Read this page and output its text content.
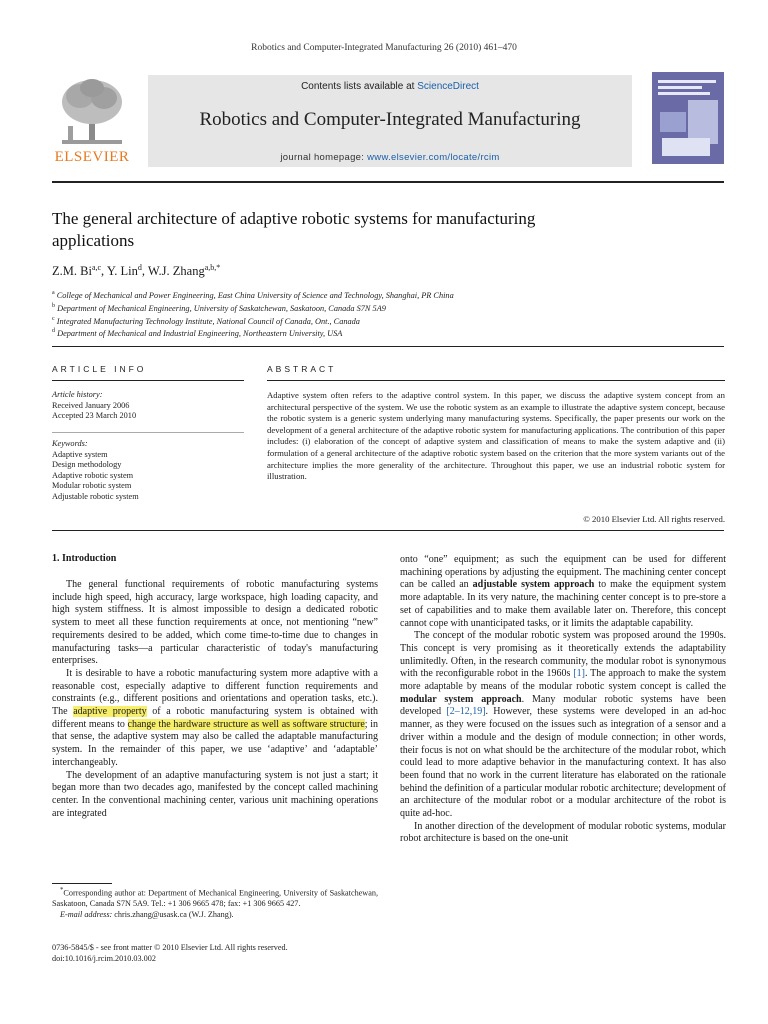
Robotics and Computer-Integrated Manufacturing 26 (2010) 461–470
ELSEVIER
Contents lists available at ScienceDirect
Robotics and Computer-Integrated Manufacturing
journal homepage: www.elsevier.com/locate/rcim
The general architecture of adaptive robotic systems for manufacturing applications
Z.M. Bi$^{a,c}$, Y. Lin$^d$, W.J. Zhang$^{a,b,*}$
$^a$ College of Mechanical and Power Engineering, East China University of Science and Technology, Shanghai, PR China
$^b$ Department of Mechanical Engineering, University of Saskatchewan, Saskatoon, Canada S7N 5A9
$^c$ Integrated Manufacturing Technology Institute, National Council of Canada, Ont., Canada
$^d$ Department of Mechanical and Industrial Engineering, Northeastern University, USA
ARTICLE INFO
Article history:
Received January 2006
Accepted 23 March 2010
Keywords:
Adaptive system
Design methodology
Adaptive robotic system
Modular robotic system
Adjustable robotic system
ABSTRACT
Adaptive system often refers to the adaptive control system. In this paper, we discuss the adaptive system concept from an architectural perspective of the system. We use the robotic system as an example to illustrate the adaptive system concept, because the robotic system is a generic system underlying many manufacturing systems. Specifically, the paper presents our work on the development of a general architecture of the adaptive robotic system for manufacturing applications. The contribution of this paper includes: (i) elaboration of the concept of adaptive system and classification of means to make the system adaptive and (ii) formulation of a general architecture of the adaptive robotic system based on the criterion that the more system variants out of the architecture implies the more generality of the architecture. Throughout this paper, we use an industrial robotic system for illustration.
© 2010 Elsevier Ltd. All rights reserved.
1. Introduction

The general functional requirements of robotic manufacturing systems include high speed, high accuracy, large workspace, high loading capacity, and high system stiffness. It is almost impossible to design a dedicated robotic system to meet all these function requirements at once, not mentioning “new” requirements desired to be added, which come time-to-time due to changes in manufacturing tasks—a particular characteristic of today's manufacturing enterprises.

It is desirable to have a robotic manufacturing system more adaptive with a reasonable cost, especially adaptive to different function requirements and constraints (e.g., different positions and orientations and operation tasks, etc.). The adaptive property of a robotic manufacturing system is obtained with different means to change the hardware structure as well as software structure; in that sense, the adaptive system may also be called the adaptable manufacturing system. In the remainder of this paper, we use ‘adaptive’ and ‘adaptable’ interchangeably.

The development of an adaptive manufacturing system is not just a start; it began more than two decades ago, manifested by the concept called machining center. In the conventional machining center, various unit machining operations are integrated

onto “one” equipment; as such the equipment can be used for different machining operations by adjusting the equipment. The machining center concept can be called an adjustable system approach to make the equipment system more adaptable. In its very nature, the machining center concept is to pre-store a set of capabilities and to make them available later on. Therefore, this concept cannot cope with unanticipated tasks, or it limits the adaptable capability.

The concept of the modular robotic system was proposed around the 1990s. This concept is very promising as it theoretically extends the adaptability unlimitedly. Often, in the research community, the modular robot is synonymous with the reconfigurable robot in the 1960s [1]. The approach to make the system more adaptable by means of the modular robotic system concept is called the modular system approach. Many modular robotic systems have been developed [2–12,19]. However, these systems were developed in an ad-hoc manner, as they were focused on the issues such as integration of a sensor and a driver within a module and the design of module connection; in other words, their focus is not on what should be the architecture of the modular robot, which could lead to more adaptive behavior in the manufacturing context. It has also been found that no work in the current literature has elaborated on the rationale behind the definition of a particular modular robotic architecture; development of an architecture of the modular robot or a modular architecture of the robot is quite ad-hoc.

In another direction of the development of modular robotic systems, modular robot architecture is based on the one-unit

*Corresponding author at: Department of Mechanical Engineering, University of Saskatchewan, Saskatoon, Canada S7N 5A9. Tel.: +1 306 9665 478; fax: +1 306 9665 427.

E-mail address: chris.zhang@usask.ca (W.J. Zhang).

0736-5845/$ - see front matter © 2010 Elsevier Ltd. All rights reserved.
doi:10.1016/j.rcim.2010.03.002
